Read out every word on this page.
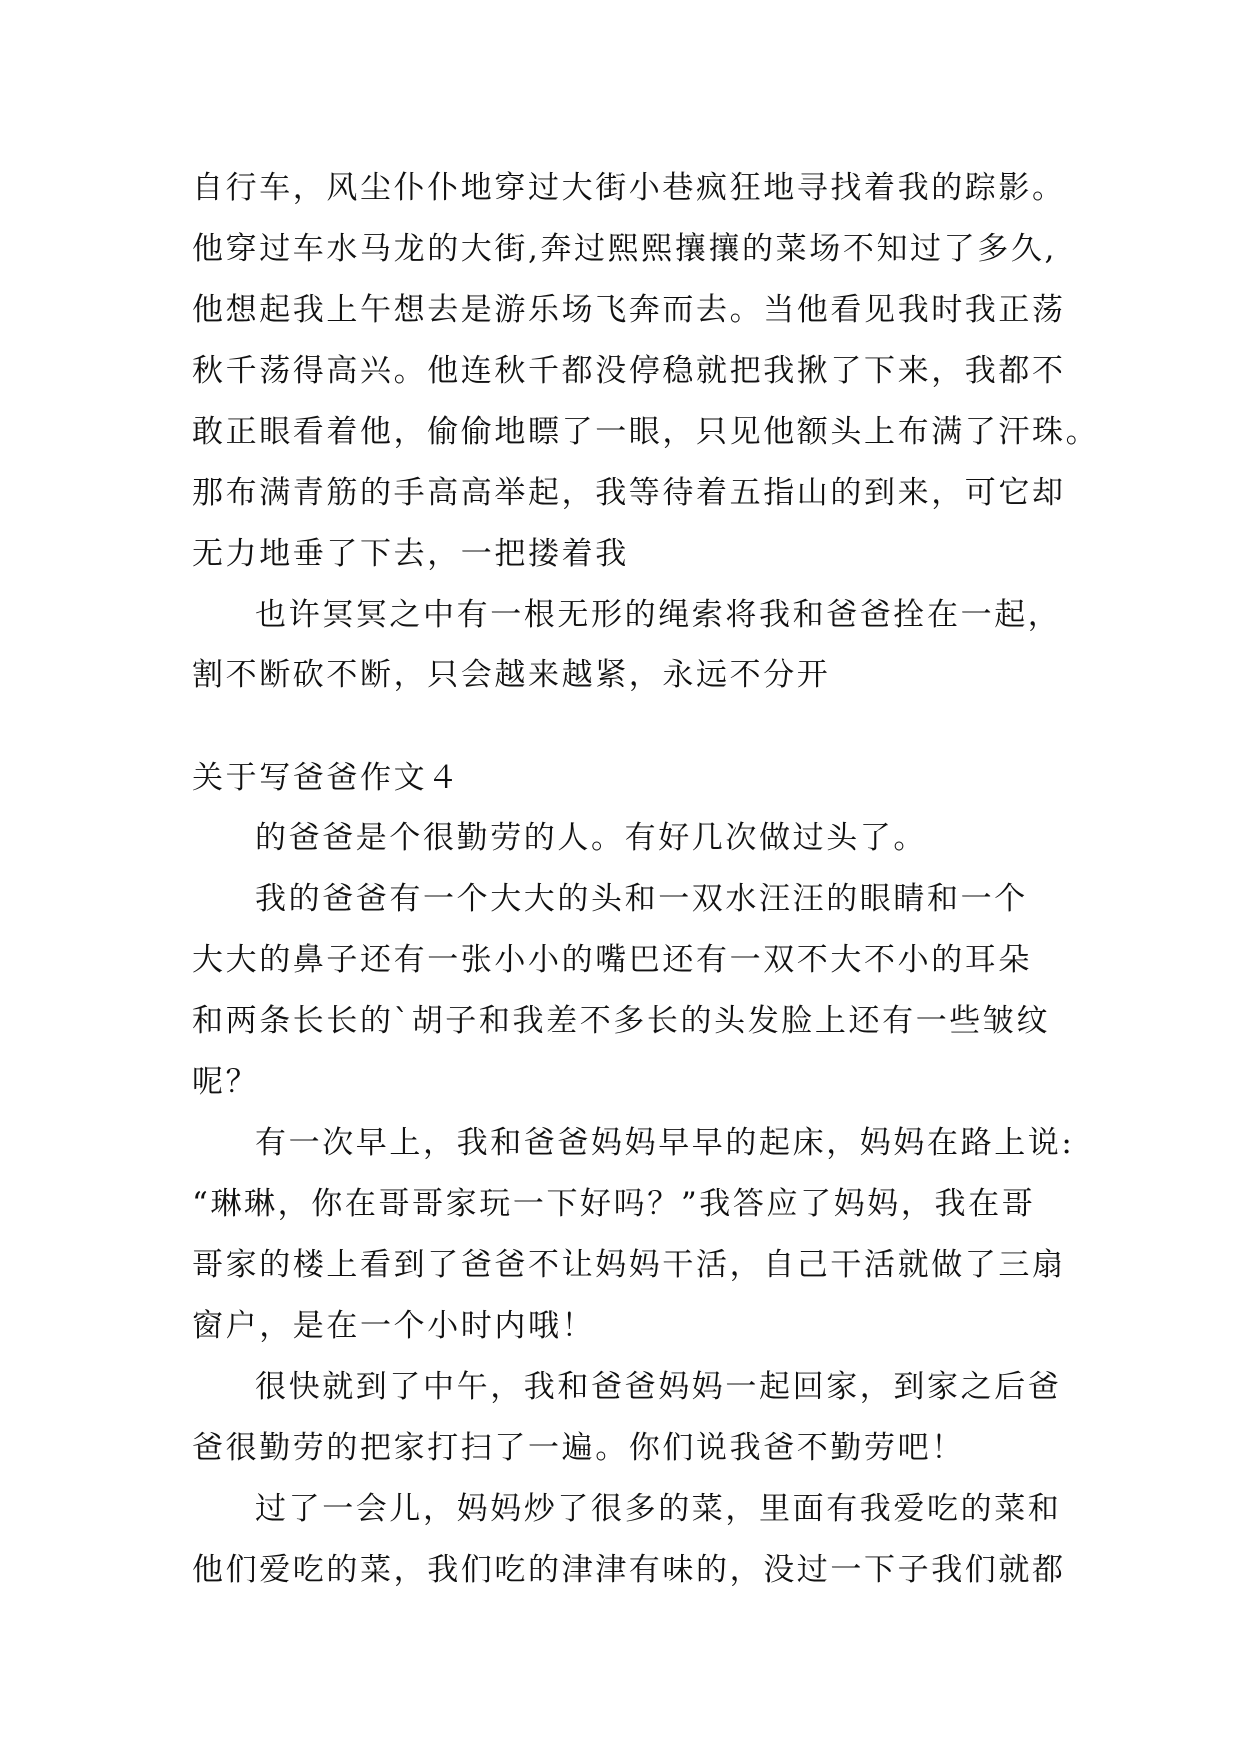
自行车，风尘仆仆地穿过大街小巷疯狂地寻找着我的踪影。
他穿过车水马龙的大街,奔过熙熙攘攘的菜场不知过了多久,
他想起我上午想去是游乐场飞奔而去。当他看见我时我正荡
秋千荡得高兴。他连秋千都没停稳就把我揪了下来，我都不
敢正眼看着他，偷偷地瞟了一眼，只见他额头上布满了汗珠。
那布满青筋的手高高举起，我等待着五指山的到来，可它却
无力地垂了下去，一把搂着我
也许冥冥之中有一根无形的绳索将我和爸爸拴在一起，
割不断砍不断，只会越来越紧，永远不分开
关于写爸爸作文４
的爸爸是个很勤劳的人。有好几次做过头了。
我的爸爸有一个大大的头和一双水汪汪的眼睛和一个
大大的鼻子还有一张小小的嘴巴还有一双不大不小的耳朵
和两条长长的`胡子和我差不多长的头发脸上还有一些皱纹
呢？
有一次早上，我和爸爸妈妈早早的起床，妈妈在路上说:
“琳琳，你在哥哥家玩一下好吗？”我答应了妈妈，我在哥
哥家的楼上看到了爸爸不让妈妈干活，自己干活就做了三扇
窗户，是在一个小时内哦！
很快就到了中午，我和爸爸妈妈一起回家，到家之后爸
爸很勤劳的把家打扫了一遍。你们说我爸不勤劳吧！
过了一会儿，妈妈炒了很多的菜，里面有我爱吃的菜和
他们爱吃的菜，我们吃的津津有味的，没过一下子我们就都
